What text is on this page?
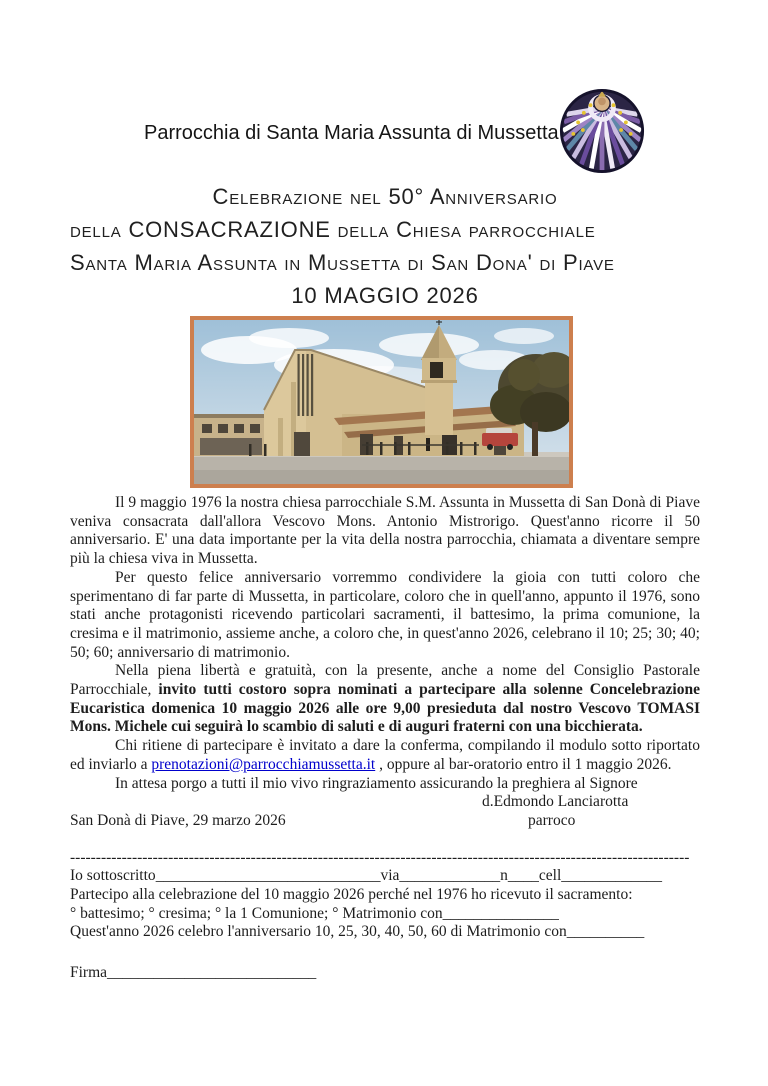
Parrocchia di Santa Maria Assunta di Mussetta
Celebrazione nel 50° Anniversario
della CONSACRAZIONE della Chiesa parrocchiale
Santa Maria Assunta in Mussetta di San Dona' di Piave
10 MAGGIO 2026

Il 9 maggio 1976 la nostra chiesa parrocchiale S.M. Assunta in Mussetta di San Donà di Piave veniva consacrata dall'allora Vescovo Mons. Antonio Mistrorigo. Quest'anno ricorre il 50 anniversario. E' una data importante per la vita della nostra parrocchia, chiamata a diventare sempre più la chiesa viva in Mussetta.

Per questo felice anniversario vorremmo condividere la gioia con tutti coloro che sperimentano di far parte di Mussetta, in particolare, coloro che in quell'anno, appunto il 1976, sono stati anche protagonisti ricevendo particolari sacramenti, il battesimo, la prima comunione, la cresima e il matrimonio, assieme anche, a coloro che, in quest'anno 2026, celebrano il 10; 25; 30; 40; 50; 60; anniversario di matrimonio.

Nella piena libertà e gratuità, con la presente, anche a nome del Consiglio Pastorale Parrocchiale, invito tutti costoro sopra nominati a partecipare alla solenne Concelebrazione Eucaristica domenica 10 maggio 2026 alle ore 9,00 presieduta dal nostro Vescovo TOMASI Mons. Michele cui seguirà lo scambio di saluti e di auguri fraterni con una bicchierata.

Chi ritiene di partecipare è invitato a dare la conferma, compilando il modulo sotto riportato ed inviarlo a prenotazioni@parrocchiamussetta.it , oppure al bar-oratorio entro il 1 maggio 2026.

In attesa porgo a tutti il mio vivo ringraziamento assicurando la preghiera al Signore

d.Edmondo Lanciarotta
San Donà di Piave, 29 marzo 2026	parroco
------------------------------------------------------------------------------------------------------------------------
Io sottoscritto_____________________________via_____________n____cell_____________
Partecipo alla celebrazione del 10 maggio 2026 perché nel 1976 ho ricevuto il sacramento:
° battesimo; ° cresima; ° la 1 Comunione; ° Matrimonio con_______________
Quest'anno 2026 celebro l'anniversario 10, 25, 30, 40, 50, 60 di Matrimonio con__________
Firma___________________________
